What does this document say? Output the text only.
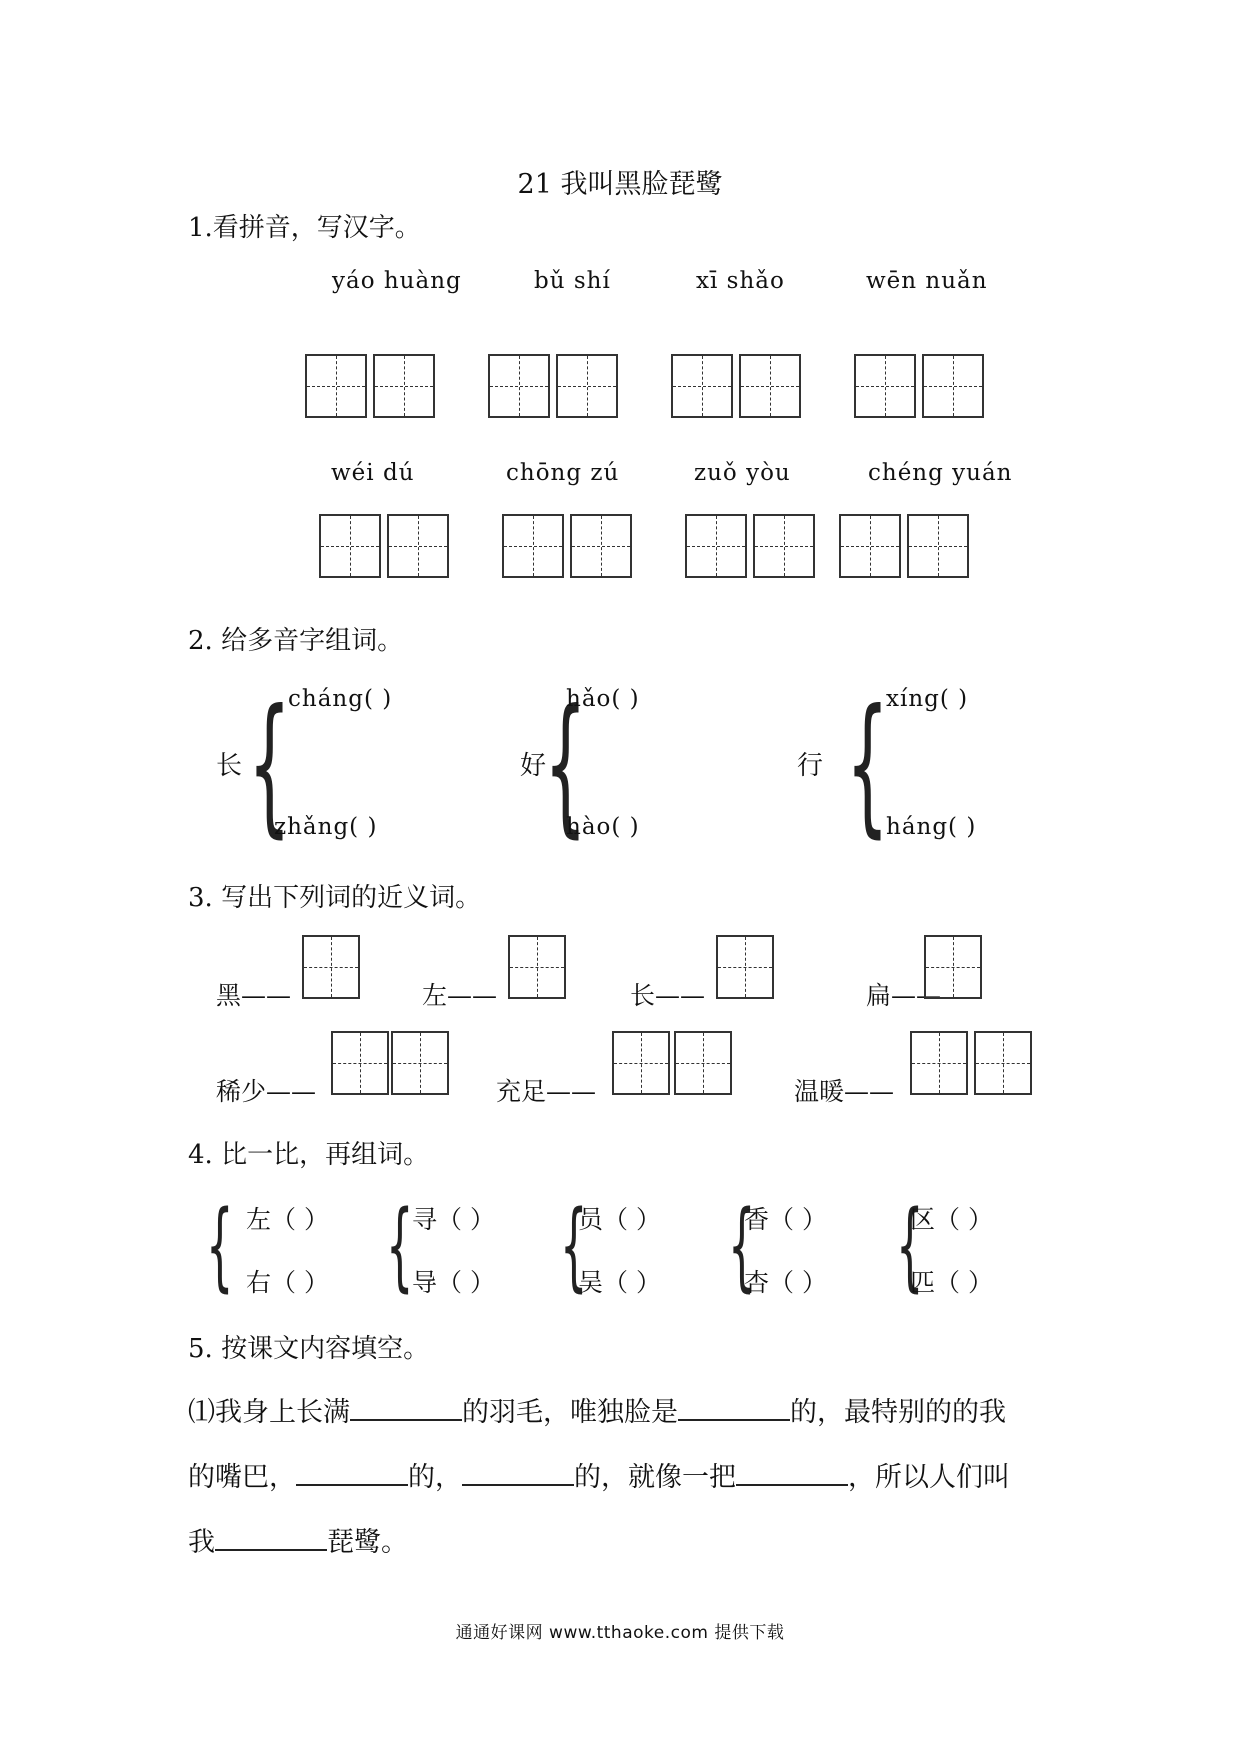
21 我叫黑脸琵鹭
1.看拼音，写汉字。
yáo huàng	bǔ shí	xī shǎo	wēn nuǎn
wéi dú	chōng zú	zuǒ yòu	chéng yuán
2. 给多音字组词。
长 {
cháng( )
zhǎng( )
好
{
hǎo( )
hào( )
行 {
xíng( )
háng( )
3. 写出下列词的近义词。
黑——	左——	长——	扁——
稀少——	充足——	温暖——
4. 比一比，再组词。
{ 左（ ）
右（ ） {
寻（ ）
导（ ） {
员（ ）
吴（ ） {
香（ ）
杏（ ） {
区（ ）
匹（ ）
5. 按课文内容填空。
⑴我身上长满	的羽毛，唯独脸是	的，最特别的的我
的嘴巴，	的，	的，就像一把	，所以人们叫
我	琵鹭。
通通好课网 www.tthaoke.com 提供下载
